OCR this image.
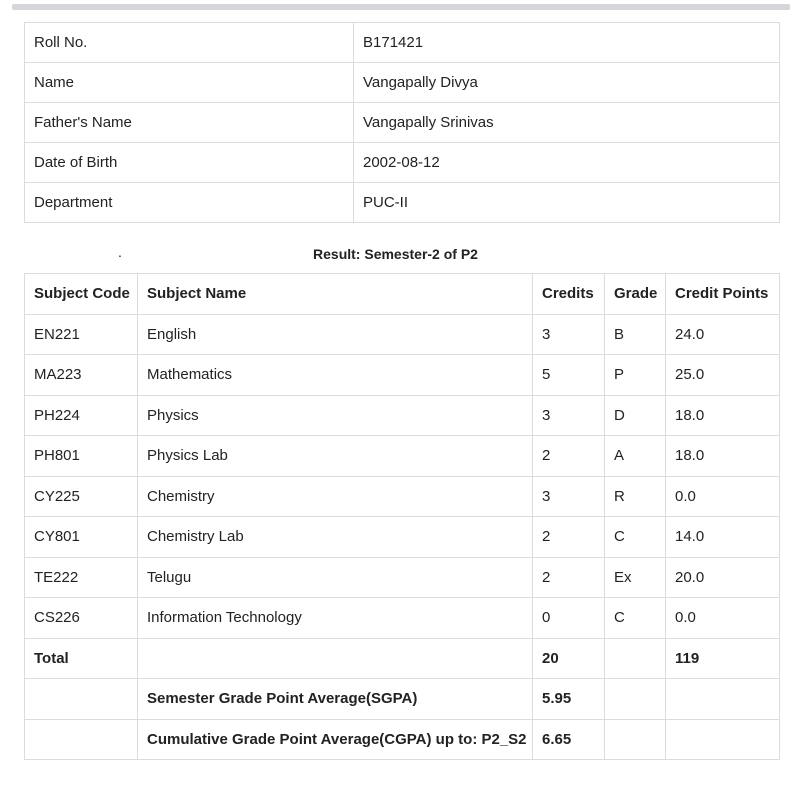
Roll No.	B171421
Name	Vangapally Divya
Father's Name	Vangapally Srinivas
Date of Birth	2002-08-12
Department	PUC-II
.	Result: Semester-2 of P2
Subject Code	Subject Name	Credits	Grade	Credit Points
EN221	English	3	B	24.0
MA223	Mathematics	5	P	25.0
PH224	Physics	3	D	18.0
PH801	Physics Lab	2	A	18.0
CY225	Chemistry	3	R	0.0
CY801	Chemistry Lab	2	C	14.0
TE222	Telugu	2	Ex	20.0
CS226	Information Technology	0	C	0.0
Total		20		119
	Semester Grade Point Average(SGPA)	5.95		
	Cumulative Grade Point Average(CGPA) up to: P2_S2	6.65		
